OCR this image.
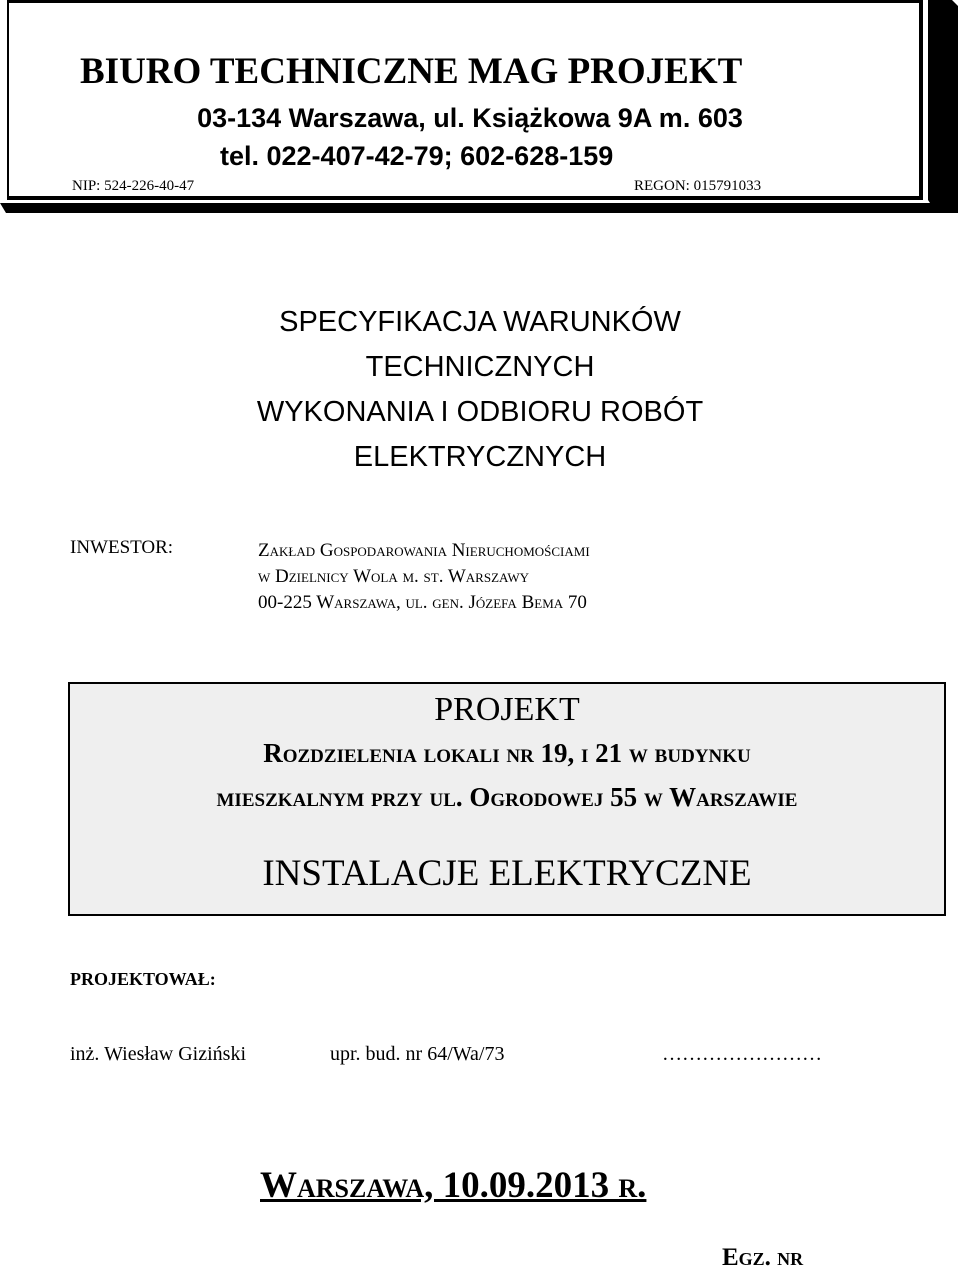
BIURO TECHNICZNE MAG PROJEKT
03-134 Warszawa, ul. Książkowa 9A m. 603
tel. 022-407-42-79; 602-628-159
NIP: 524-226-40-47	REGON: 015791033
SPECYFIKACJA WARUNKÓW
TECHNICZNYCH
WYKONANIA I ODBIORU ROBÓT
ELEKTRYCZNYCH
INWESTOR:	Zakład Gospodarowania Nieruchomościami
w Dzielnicy Wola m. st. Warszawy
00-225 Warszawa, ul. gen. Józefa Bema 70
PROJEKT
Rozdzielenia lokali nr 19, i 21 w budynku
mieszkalnym przy ul. Ogrodowej 55 w Warszawie
INSTALACJE ELEKTRYCZNE
PROJEKTOWAŁ:
inż. Wiesław Giziński	upr. bud. nr 64/Wa/73	……………………
Warszawa, 10.09.2013 r.
Egz. nr
